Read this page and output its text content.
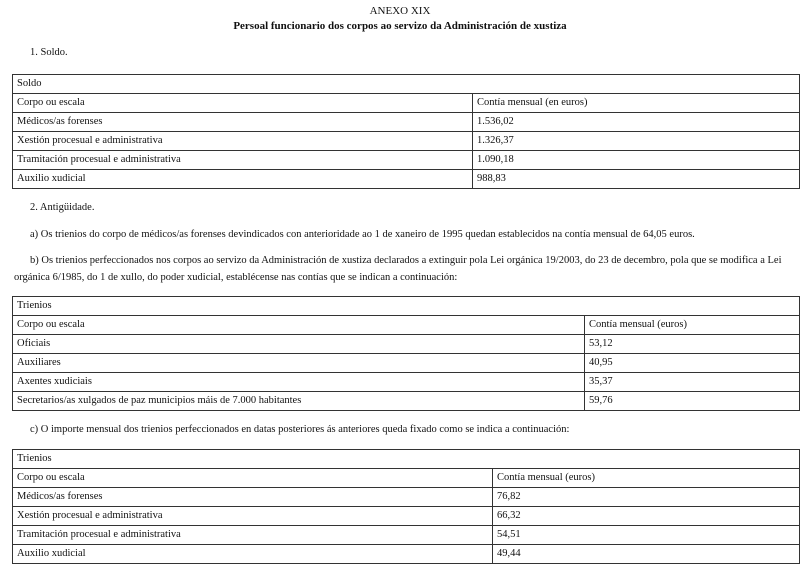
ANEXO XIX
Persoal funcionario dos corpos ao servizo da Administración de xustiza
1. Soldo.
Soldo	
Corpo ou escala	Contía mensual (en euros)
Médicos/as forenses	1.536,02
Xestión procesual e administrativa	1.326,37
Tramitación procesual e administrativa	1.090,18
Auxilio xudicial	988,83
2. Antigüidade.
a) Os trienios do corpo de médicos/as forenses devindicados con anterioridade ao 1 de xaneiro de 1995 quedan establecidos na contía mensual de 64,05 euros.
b) Os trienios perfeccionados nos corpos ao servizo da Administración de xustiza declarados a extinguir pola Lei orgánica 19/2003, do 23 de decembro, pola que se modifica a Lei orgánica 6/1985, do 1 de xullo, do poder xudicial, establécense nas contías que se indican a continuación:
Trienios	
Corpo ou escala	Contía mensual (euros)
Oficiais	53,12
Auxiliares	40,95
Axentes xudiciais	35,37
Secretarios/as xulgados de paz municipios máis de 7.000 habitantes	59,76
c) O importe mensual dos trienios perfeccionados en datas posteriores ás anteriores queda fixado como se indica a continuación:
Trienios	
Corpo ou escala	Contía mensual (euros)
Médicos/as forenses	76,82
Xestión procesual e administrativa	66,32
Tramitación procesual e administrativa	54,51
Auxilio xudicial	49,44
